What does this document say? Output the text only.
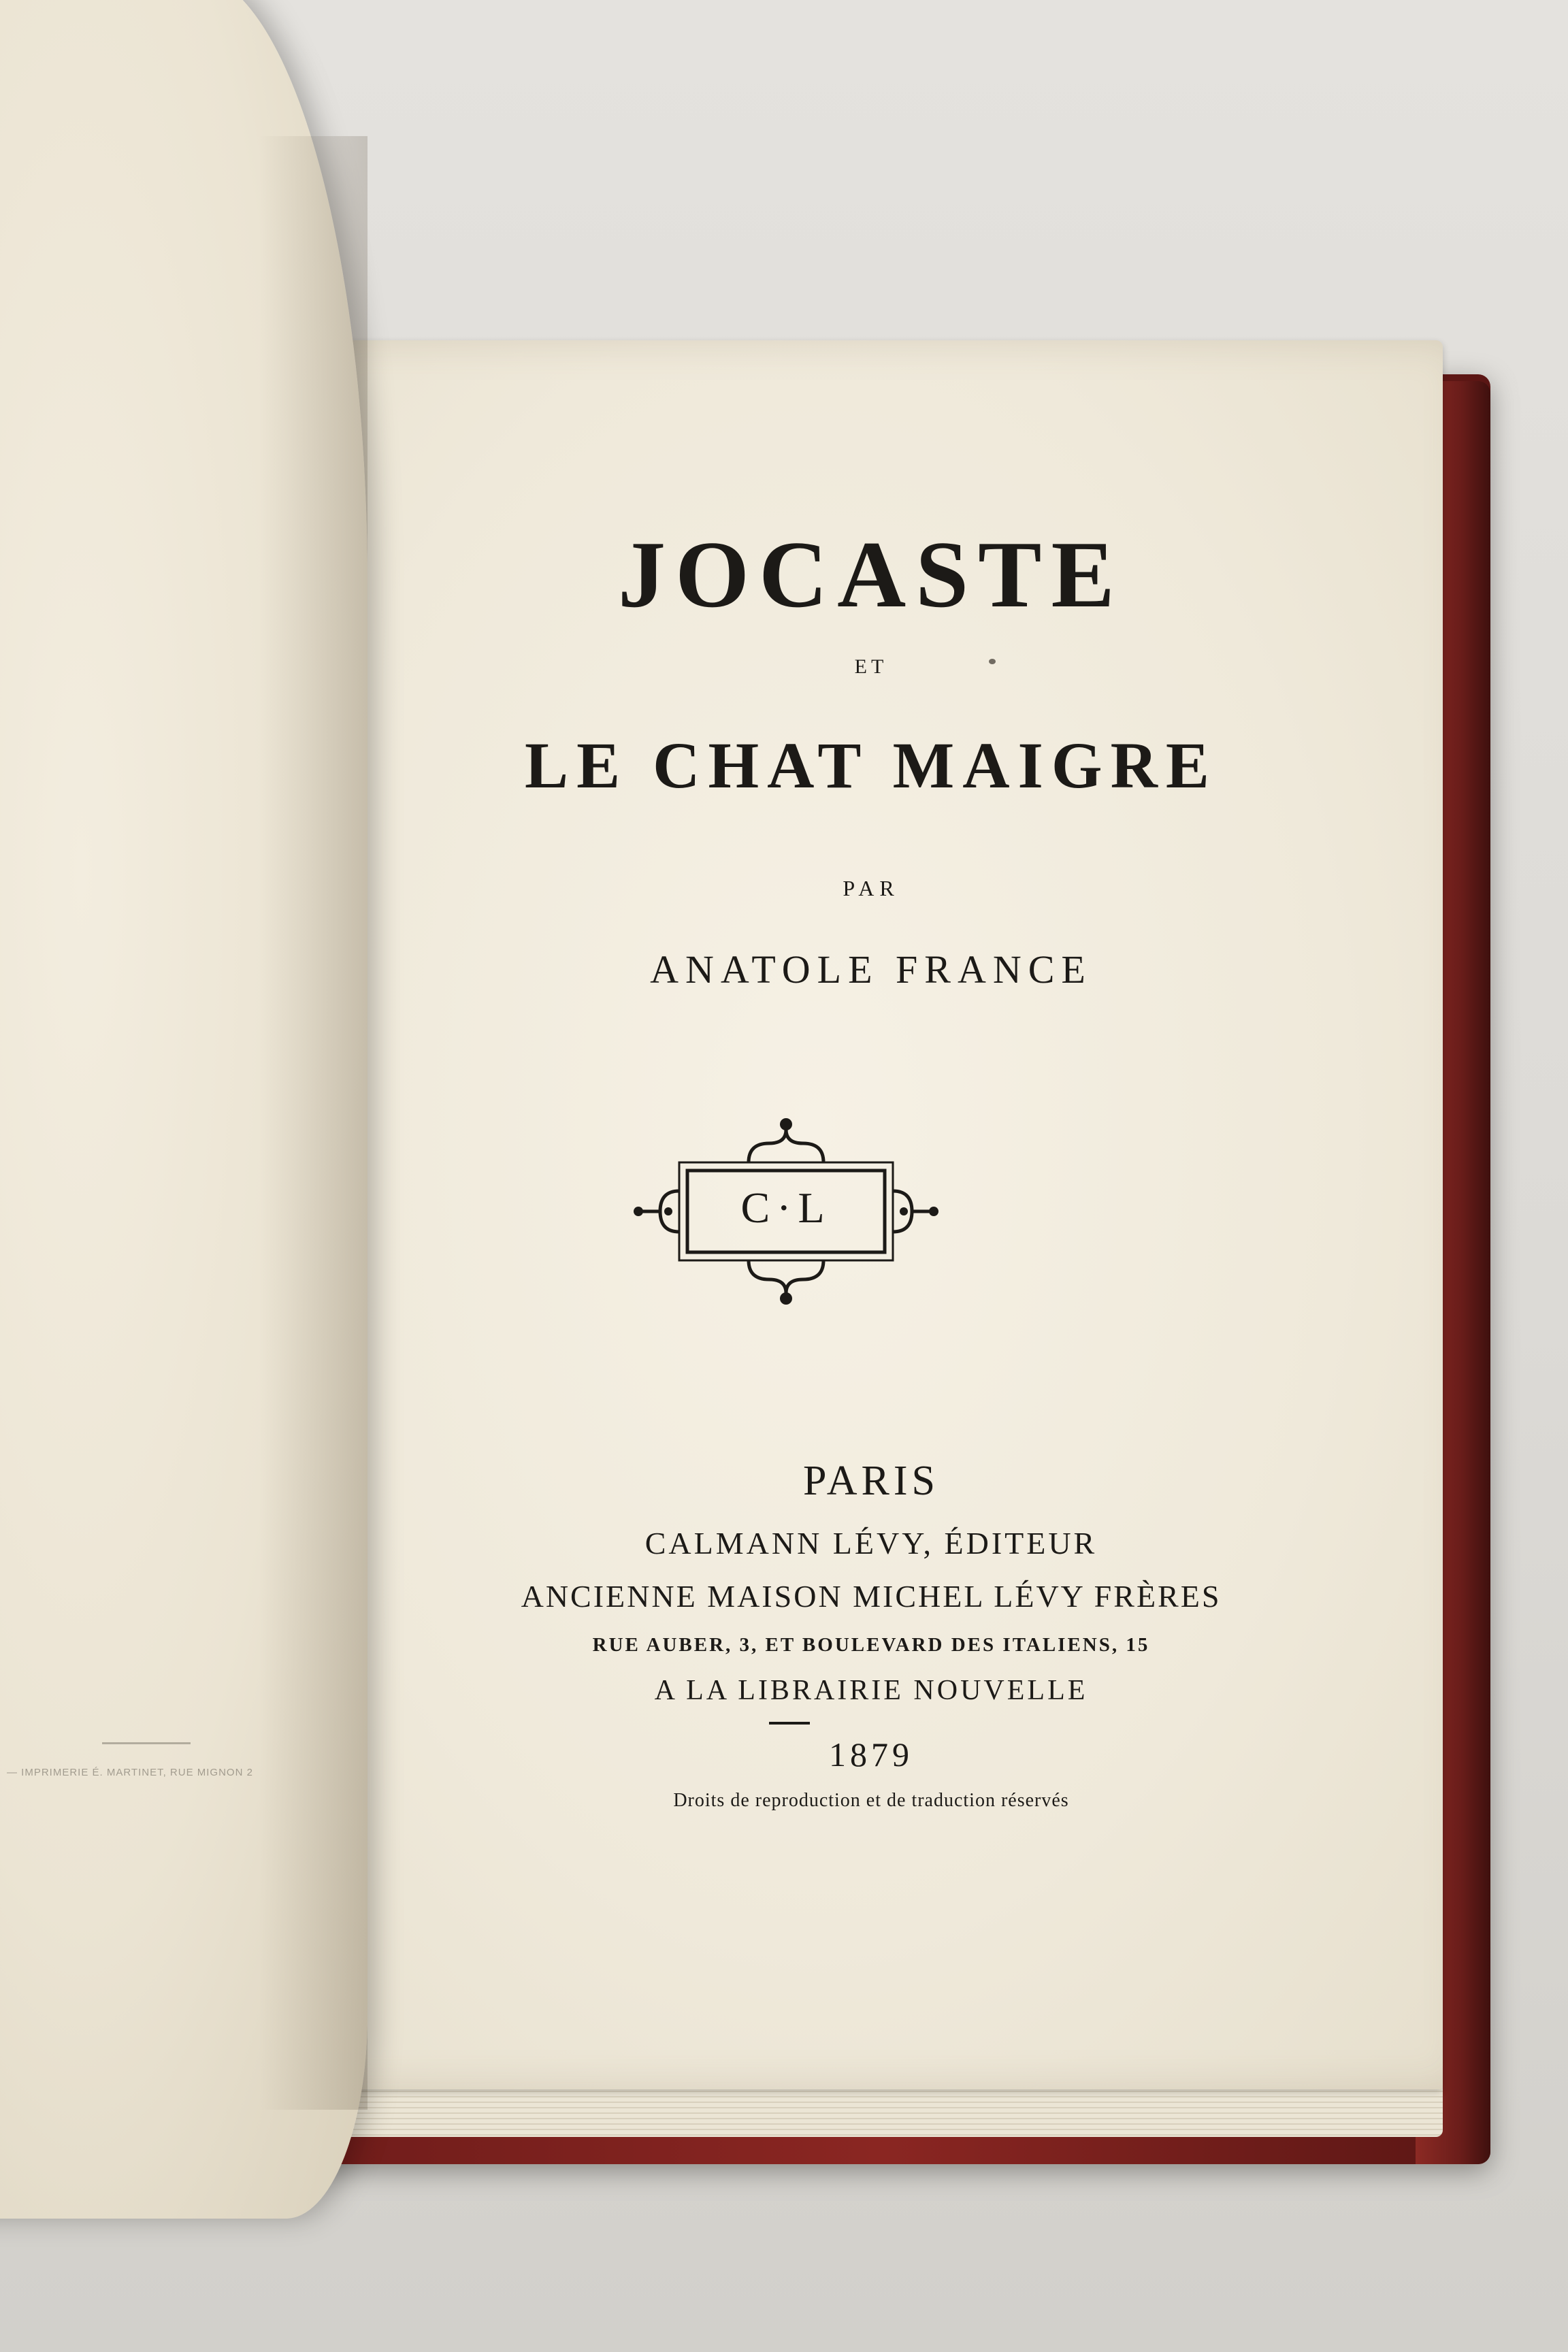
— IMPRIMERIE É. MARTINET, RUE MIGNON 2
JOCASTE
ET
LE CHAT MAIGRE
PAR
ANATOLE FRANCE
C·L
PARIS
CALMANN LÉVY, ÉDITEUR
ANCIENNE MAISON MICHEL LÉVY FRÈRES
RUE AUBER, 3, ET BOULEVARD DES ITALIENS, 15
A LA LIBRAIRIE NOUVELLE
1879
Droits de reproduction et de traduction réservés
